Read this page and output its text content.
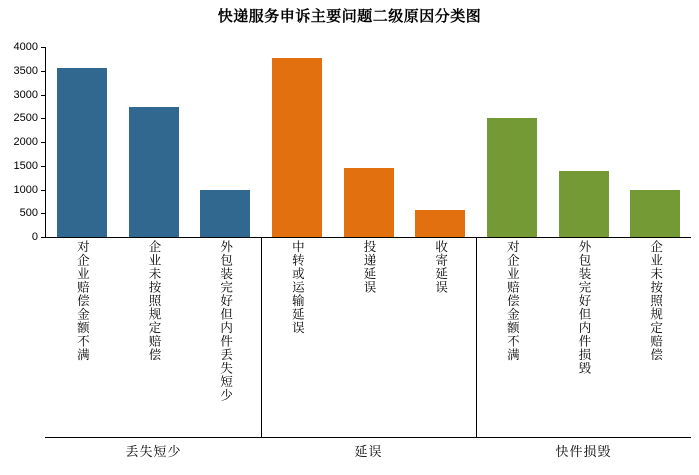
快递服务申诉主要问题二级原因分类图
对企业赔偿金额不满	企业未按照规定赔偿	外包装完好但内件丢失短少	中转或运输延误	投递延误	收寄延误	对企业赔偿金额不满	外包装完好但内件损毁	企业未按照规定赔偿
丢失短少	延误	快件损毁
0
500
1000
1500
2000
2500
3000
3500
4000
